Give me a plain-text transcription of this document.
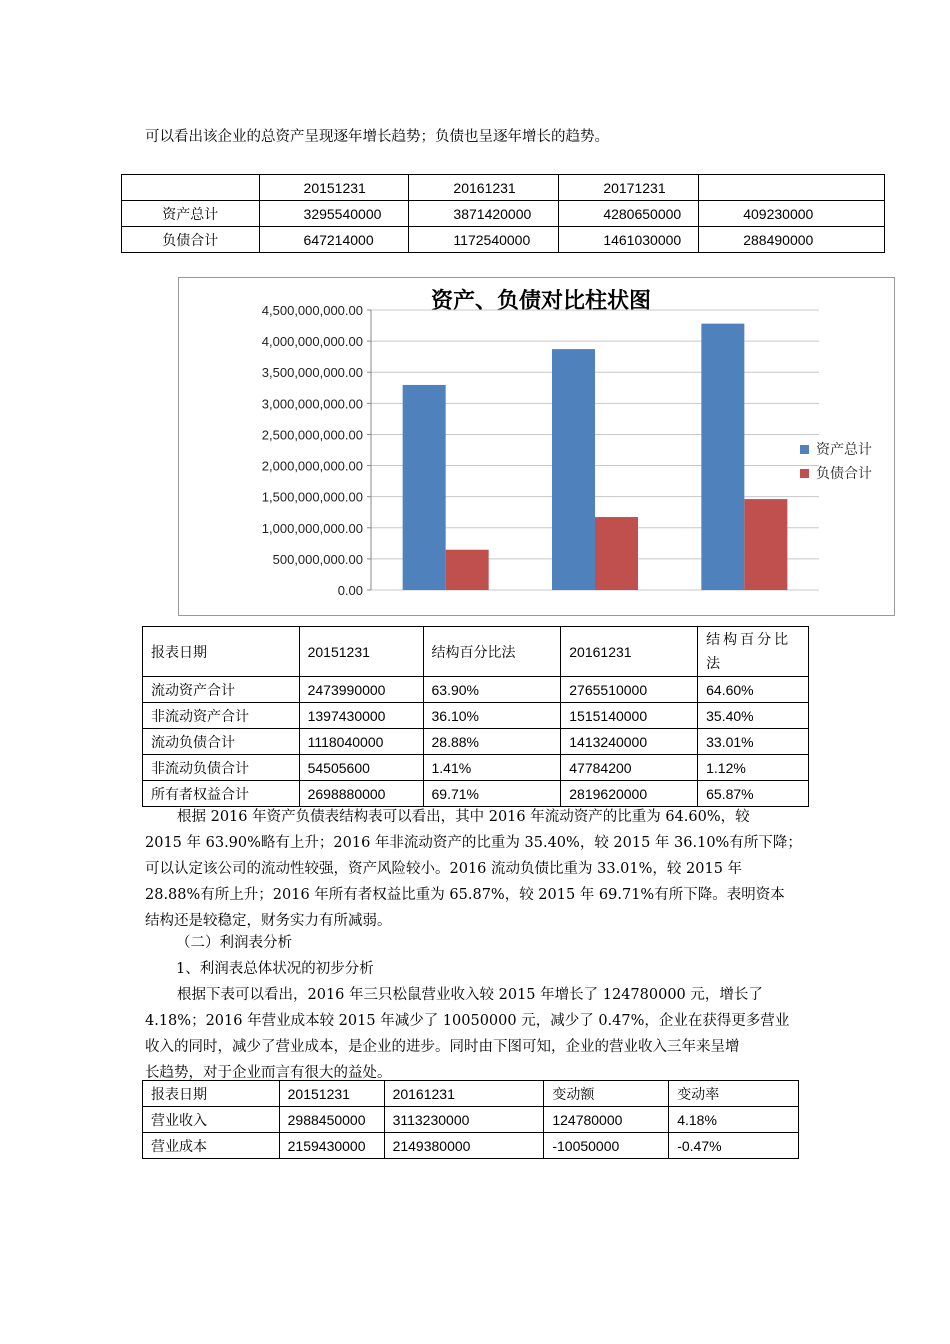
可以看出该企业的总资产呈现逐年增长趋势；负债也呈逐年增长的趋势。
	20151231	20161231	20171231	
资产总计	3295540000	3871420000	4280650000	409230000
负债合计	647214000	1172540000	1461030000	288490000
资产、负债对比柱状图
0.00
500,000,000.00
1,000,000,000.00
1,500,000,000.00
2,000,000,000.00
2,500,000,000.00
3,000,000,000.00
3,500,000,000.00
4,000,000,000.00
4,500,000,000.00
资产总计
负债合计
报表日期	20151231	结构百分比法	20161231	结构百分比法
流动资产合计	2473990000	63.90%	2765510000	64.60%
非流动资产合计	1397430000	36.10%	1515140000	35.40%
流动负债合计	1118040000	28.88%	1413240000	33.01%
非流动负债合计	54505600	1.41%	47784200	1.12%
所有者权益合计	2698880000	69.71%	2819620000	65.87%
根据 2016 年资产负债表结构表可以看出，其中 2016 年流动资产的比重为 64.60%，较
2015 年 63.90%略有上升；2016 年非流动资产的比重为 35.40%，较 2015 年 36.10%有所下降；
可以认定该公司的流动性较强，资产风险较小。2016 流动负债比重为 33.01%，较 2015 年
28.88%有所上升；2016 年所有者权益比重为 65.87%，较 2015 年 69.71%有所下降。表明资本
结构还是较稳定，财务实力有所减弱。
（二）利润表分析
1、利润表总体状况的初步分析
根据下表可以看出，2016 年三只松鼠营业收入较 2015 年增长了 124780000 元，增长了
4.18%；2016 年营业成本较 2015 年减少了 10050000 元，减少了 0.47%，企业在获得更多营业
收入的同时，减少了营业成本，是企业的进步。同时由下图可知，企业的营业收入三年来呈增
长趋势，对于企业而言有很大的益处。
报表日期	20151231	20161231	变动额	变动率
营业收入	2988450000	3113230000	124780000	4.18%
营业成本	2159430000	2149380000	-10050000	-0.47%
